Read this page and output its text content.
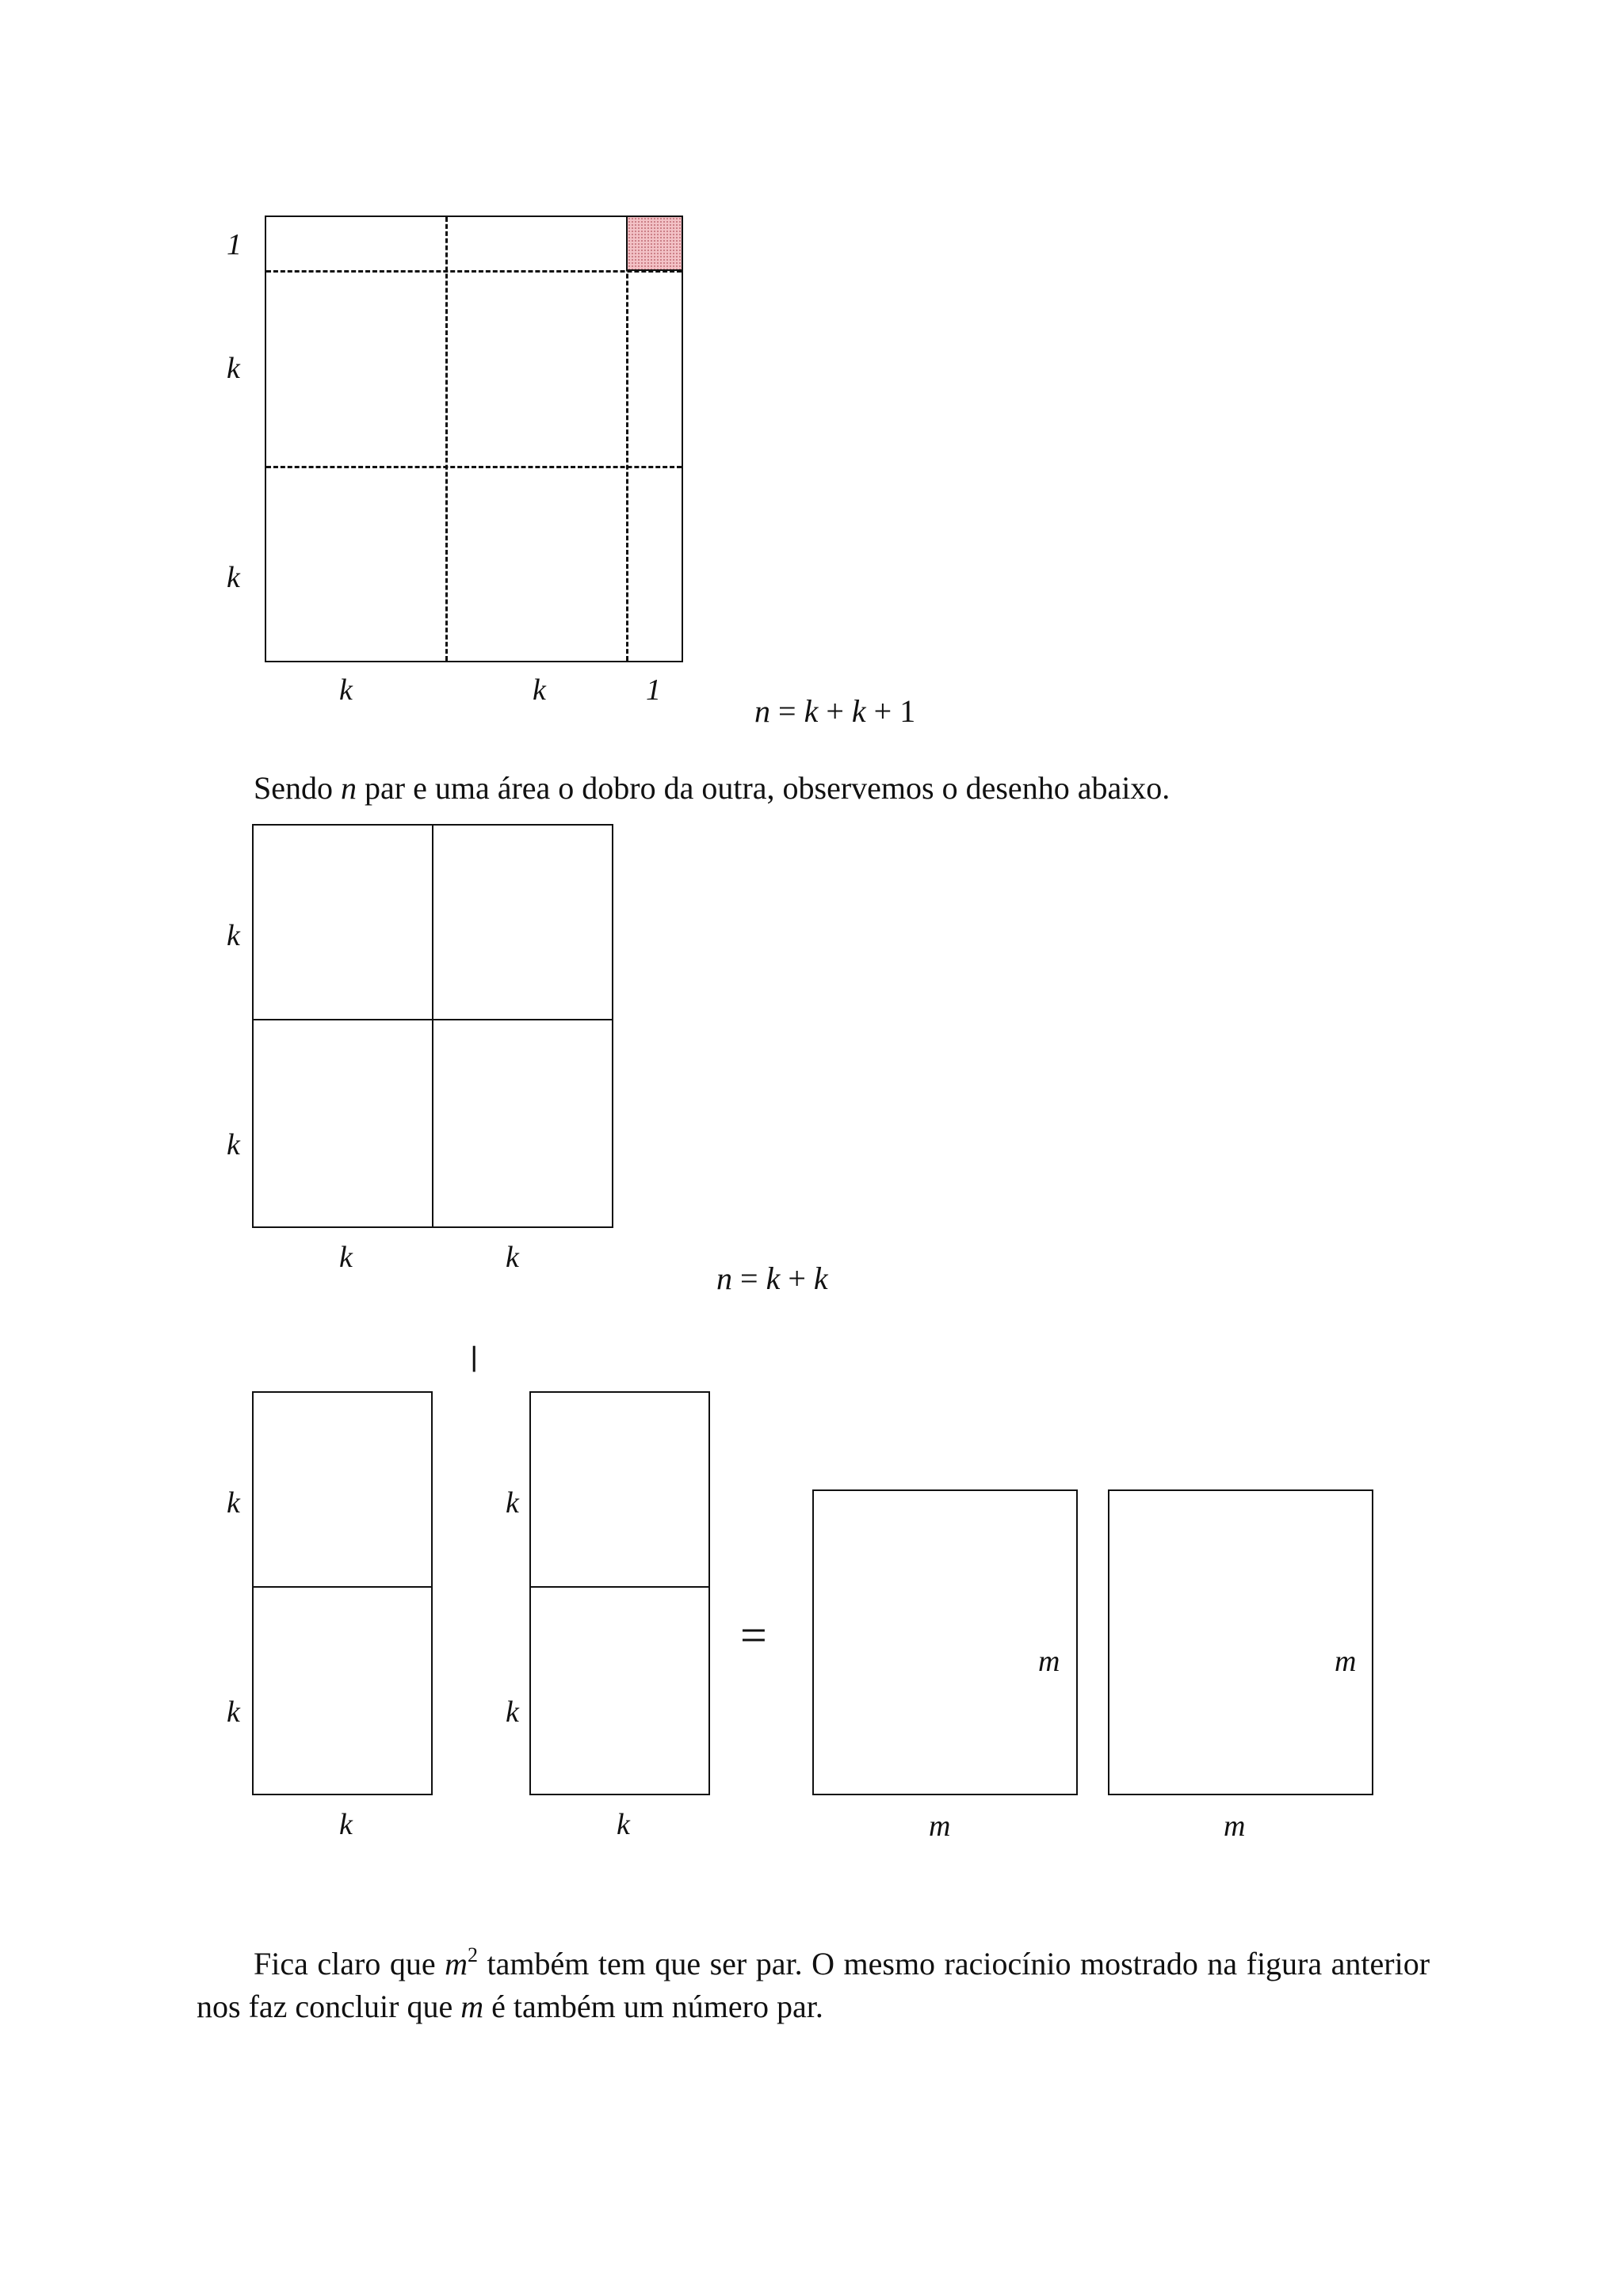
1
k
k
k	k	1
n = k + k + 1
Sendo n par e uma área o dobro da outra, observemos o desenho abaixo.
k
k
k	k
n = k + k
||
k
k
k
k
k
k
=	m
m
m
m
Fica claro que $m^2$ também tem que ser par. O mesmo raciocínio mostrado na figura anterior
nos faz concluir que m é também um número par.
